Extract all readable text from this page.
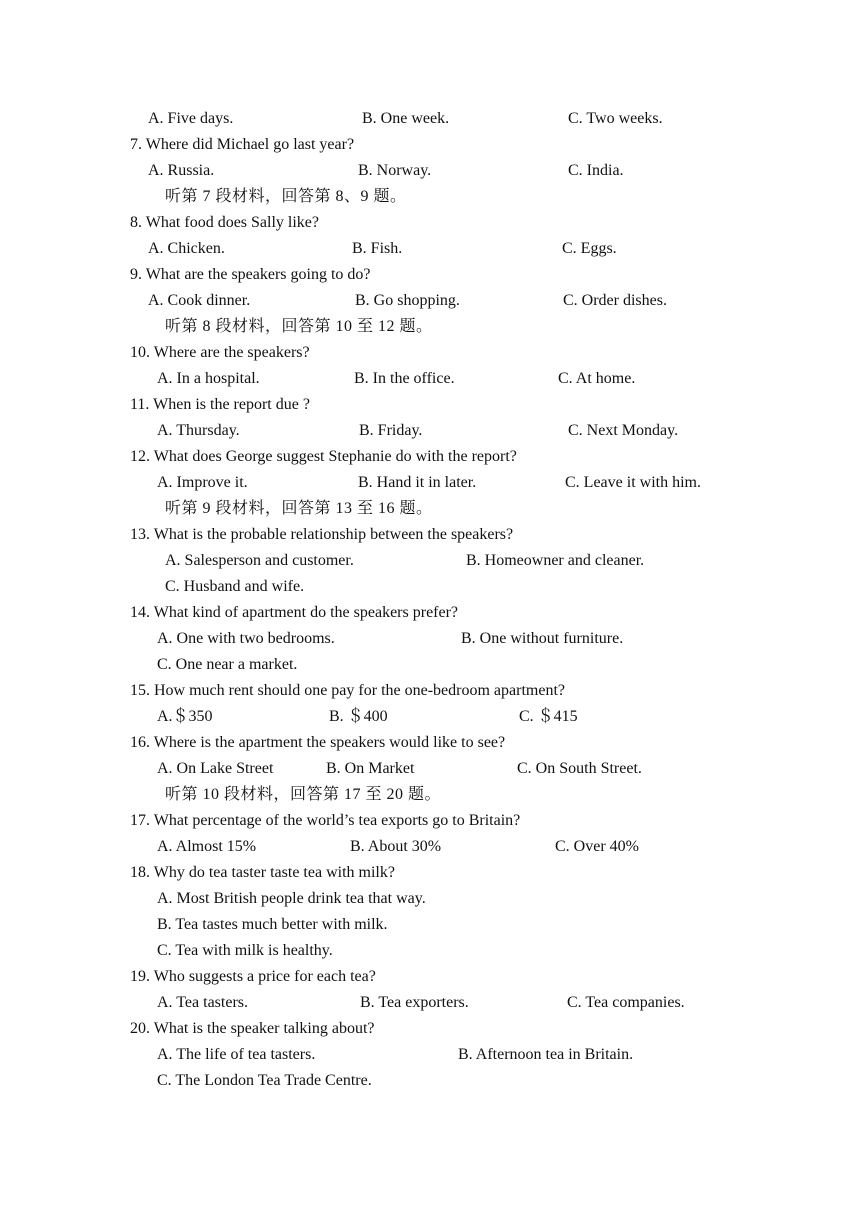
A. Five days.	B. One week.	C. Two weeks.
7. Where did Michael go last year?
A. Russia.	B. Norway.	C. India.
听第 7 段材料，回答第 8、9 题。
8. What food does Sally like?
A. Chicken.	B. Fish.	C. Eggs.
9. What are the speakers going to do?
A. Cook dinner.	B. Go shopping.	C. Order dishes.
听第 8 段材料，回答第 10 至 12 题。
10. Where are the speakers?
A. In a hospital.	B. In the office.	C. At home.
11. When is the report due ?
A. Thursday.	B. Friday.	C. Next Monday.
12. What does George suggest Stephanie do with the report?
A. Improve it.	B. Hand it in later.	C. Leave it with him.
听第 9 段材料，回答第 13 至 16 题。
13. What is the probable relationship between the speakers?
A. Salesperson and customer.	B. Homeowner and cleaner.
C. Husband and wife.
14. What kind of apartment do the speakers prefer?
A. One with two bedrooms.	B. One without furniture.
C. One near a market.
15. How much rent should one pay for the one-bedroom apartment?
A.＄350	B. ＄400	C. ＄415
16. Where is the apartment the speakers would like to see?
A. On Lake Street	B. On Market	C. On South Street.
听第 10 段材料，回答第 17 至 20 题。
17. What percentage of the world’s tea exports go to Britain?
A. Almost 15%	B. About 30%	C. Over 40%
18. Why do tea taster taste tea with milk?
A. Most British people drink tea that way.
B. Tea tastes much better with milk.
C. Tea with milk is healthy.
19. Who suggests a price for each tea?
A. Tea tasters.	B. Tea exporters.	C. Tea companies.
20. What is the speaker talking about?
A. The life of tea tasters.	B. Afternoon tea in Britain.
C. The London Tea Trade Centre.
